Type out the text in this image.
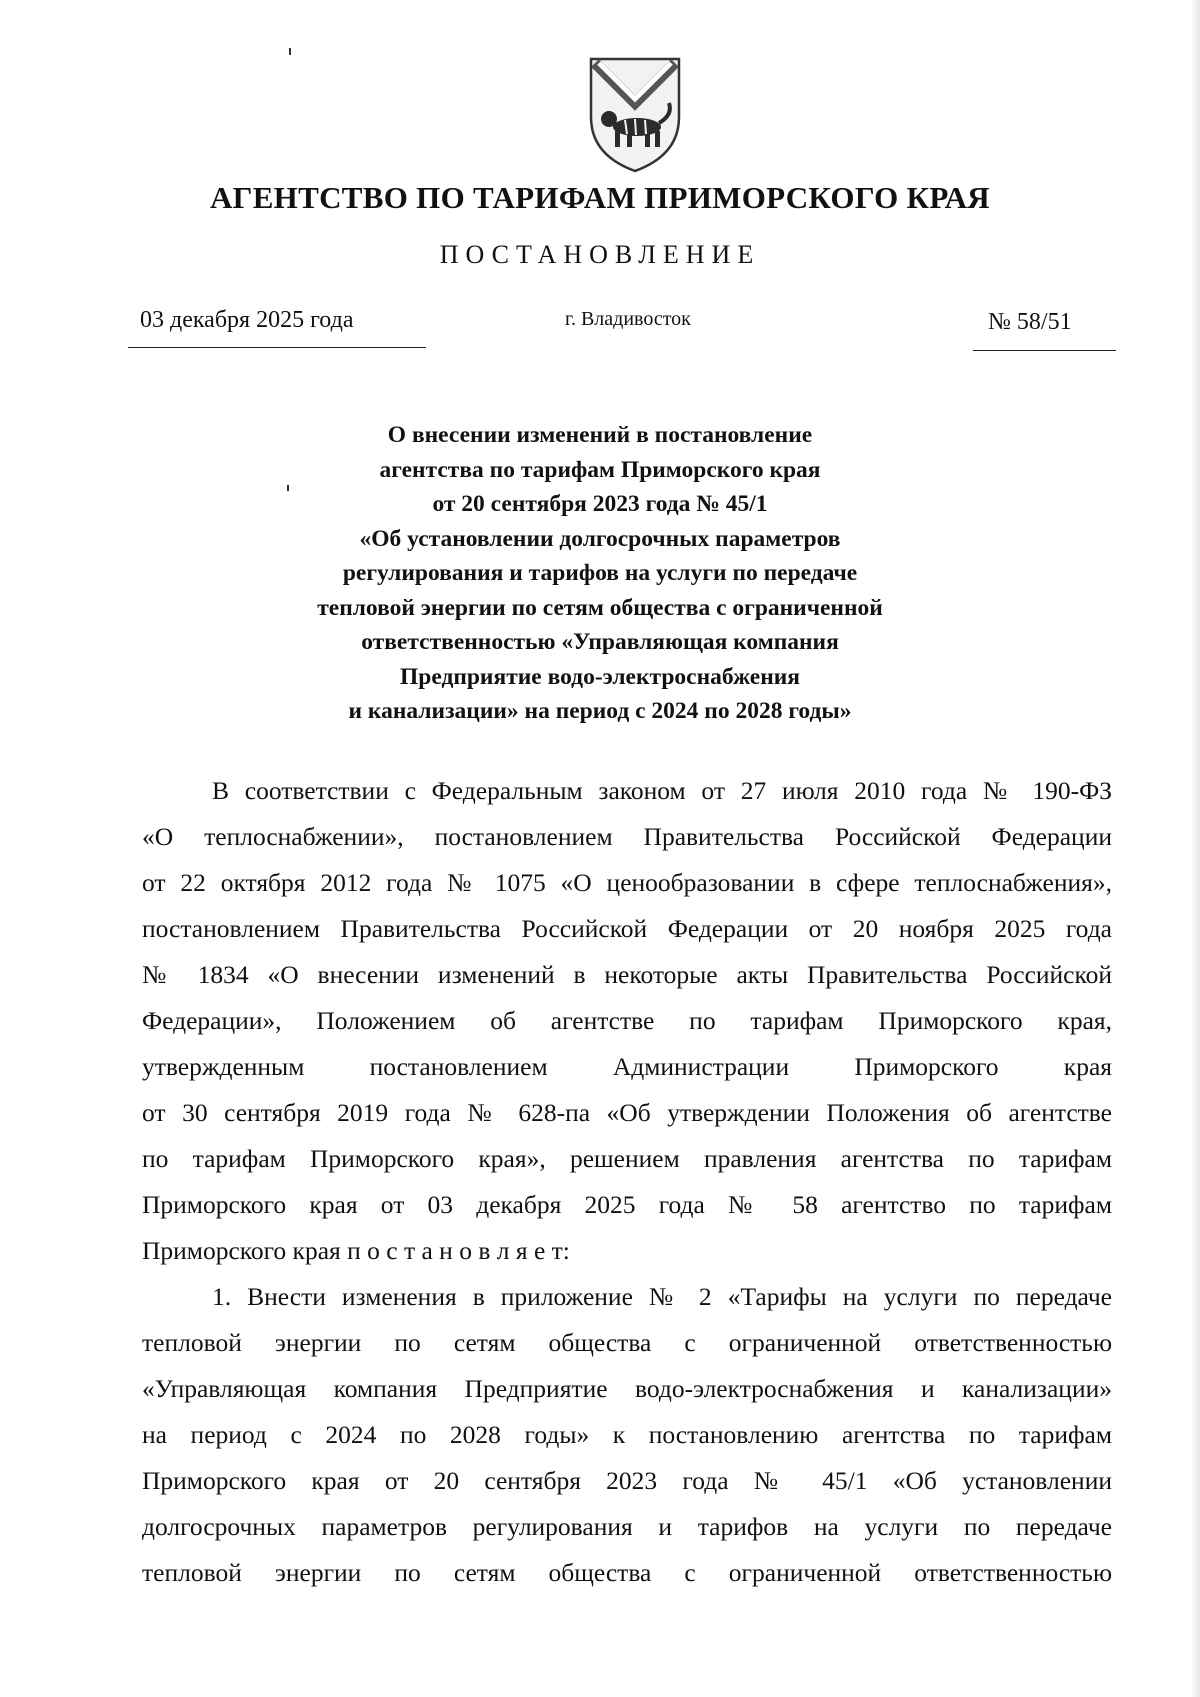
АГЕНТСТВО ПО ТАРИФАМ ПРИМОРСКОГО КРАЯ
ПОСТАНОВЛЕНИЕ
03 декабря 2025 года	г. Владивосток	№ 58/51
О внесении изменений в постановление
агентства по тарифам Приморского края
от 20 сентября 2023 года № 45/1
«Об установлении долгосрочных параметров
регулирования и тарифов на услуги по передаче
тепловой энергии по сетям общества с ограниченной
ответственностью «Управляющая компания
Предприятие водо-электроснабжения
и канализации» на период с 2024 по 2028 годы»
В соответствии с Федеральным законом от 27 июля 2010 года № 190-ФЗ
«О теплоснабжении», постановлением Правительства Российской Федерации
от 22 октября 2012 года № 1075 «О ценообразовании в сфере теплоснабжения»,
постановлением Правительства Российской Федерации от 20 ноября 2025 года
№ 1834 «О внесении изменений в некоторые акты Правительства Российской
Федерации», Положением об агентстве по тарифам Приморского края,
утвержденным постановлением Администрации Приморского края
от 30 сентября 2019 года № 628-па «Об утверждении Положения об агентстве
по тарифам Приморского края», решением правления агентства по тарифам
Приморского края от 03 декабря 2025 года № 58 агентство по тарифам
Приморского края п о с т а н о в л я е т:
1. Внести изменения в приложение № 2 «Тарифы на услуги по передаче
тепловой энергии по сетям общества с ограниченной ответственностью
«Управляющая компания Предприятие водо-электроснабжения и канализации»
на период с 2024 по 2028 годы» к постановлению агентства по тарифам
Приморского края от 20 сентября 2023 года № 45/1 «Об установлении
долгосрочных параметров регулирования и тарифов на услуги по передаче
тепловой энергии по сетям общества с ограниченной ответственностью
